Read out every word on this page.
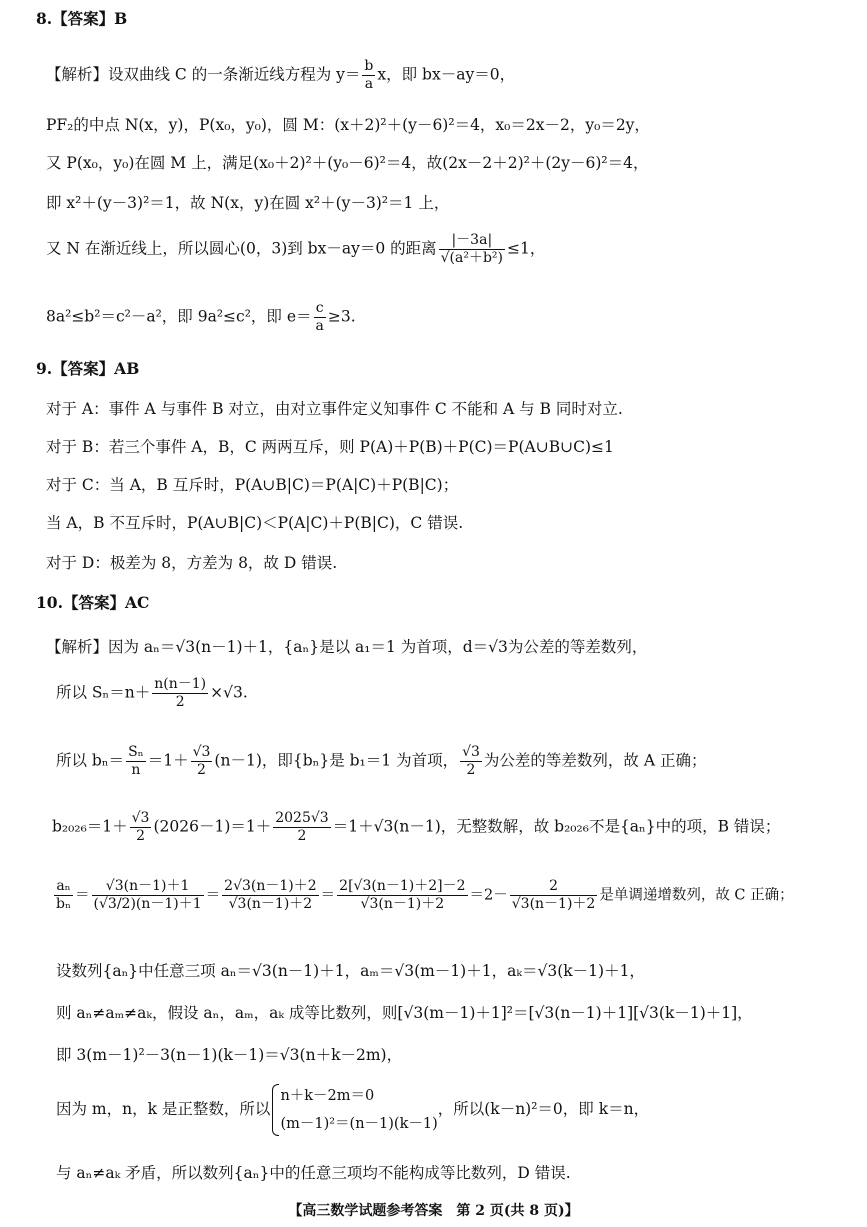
8.【答案】B
【解析】设双曲线 C 的一条渐近线方程为 $y= \frac{b}{a}$ x，即 bx－ay＝0，
PF₂的中点 N(x，y)，P(x₀，y₀)，圆 M：(x＋2)²＋(y－6)²＝4，x₀＝2x－2，y₀＝2y，
又 P(x₀，y₀)在圆 M 上，满足(x₀＋2)²＋(y₀－6)²＝4，故(2x－2＋2)²＋(2y－6)²＝4，
即 x²＋(y－3)²＝1，故 N(x，y)在圆 x²＋(y－3)²＝1 上，
又 N 在渐近线上，所以圆心(0，3)到 bx－ay＝0 的距离 $\frac{|-3a|}{\text{√(a²＋b²)}} \le 1$，
8a²≤b²＝c²－a²，即 9a²≤c²，即 $e= \frac{c}{a} \ge 3$.
9.【答案】AB
对于 A：事件 A 与事件 B 对立，由对立事件定义知事件 C 不能和 A 与 B 同时对立.
对于 B：若三个事件 A，B，C 两两互斥，则 P(A)＋P(B)＋P(C)＝P(A∪B∪C)≤1
对于 C：当 A，B 互斥时，P(A∪B|C)＝P(A|C)＋P(B|C)；
当 A，B 不互斥时，P(A∪B|C)＜P(A|C)＋P(B|C)，C 错误.
对于 D：极差为 8，方差为 8，故 D 错误.
10.【答案】AC
【解析】因为 aₙ＝√3(n－1)＋1，{aₙ}是以 a₁＝1 为首项，d＝√3为公差的等差数列，
所以 $S_n=n+ \frac{n(n-1)}{2} \times√3$.
所以 $b_n= \frac{\text{Sₙ}}{n} =1+ \frac{√3}{2} (n-1)$，即{bₙ}是 b₁＝1 为首项， $\frac{√3}{2}$ 为公差的等差数列，故 A 正确；
$b_{2026}=1+ \frac{√3}{2} (2026-1)=1+ \frac{2025√3}{2} =1+√3(n-1)$，无整数解，故 b₂₀₂₆不是{aₙ}中的项，B 错误；
$\frac{\text{aₙ}}{\text{bₙ}} = \frac{√3(n-1)+1}{(√3/2)(n-1)+1} = \frac{2√3(n-1)+2}{√3(n-1)+2} = \frac{2[√3(n-1)+2]-2}{√3(n-1)+2} =2- \frac{2}{√3(n-1)+2}$ 是单调递增数列，故 C 正确；
设数列{aₙ}中任意三项 aₙ＝√3(n－1)＋1，aₘ＝√3(m－1)＋1，aₖ＝√3(k－1)＋1，
则 aₙ≠aₘ≠aₖ，假设 aₙ，aₘ，aₖ 成等比数列，则[√3(m－1)＋1]²＝[√3(n－1)＋1][√3(k－1)＋1]，
即 3(m－1)²－3(n－1)(k－1)＝√3(n＋k－2m)，
因为 m，n，k 是正整数，所以
n＋k－2m＝0
(m－1)²＝(n－1)(k－1)
，所以(k－n)²＝0，即 k＝n，
与 aₙ≠aₖ 矛盾，所以数列{aₙ}中的任意三项均不能构成等比数列，D 错误.
【高三数学试题参考答案　第 2 页(共 8 页)】
